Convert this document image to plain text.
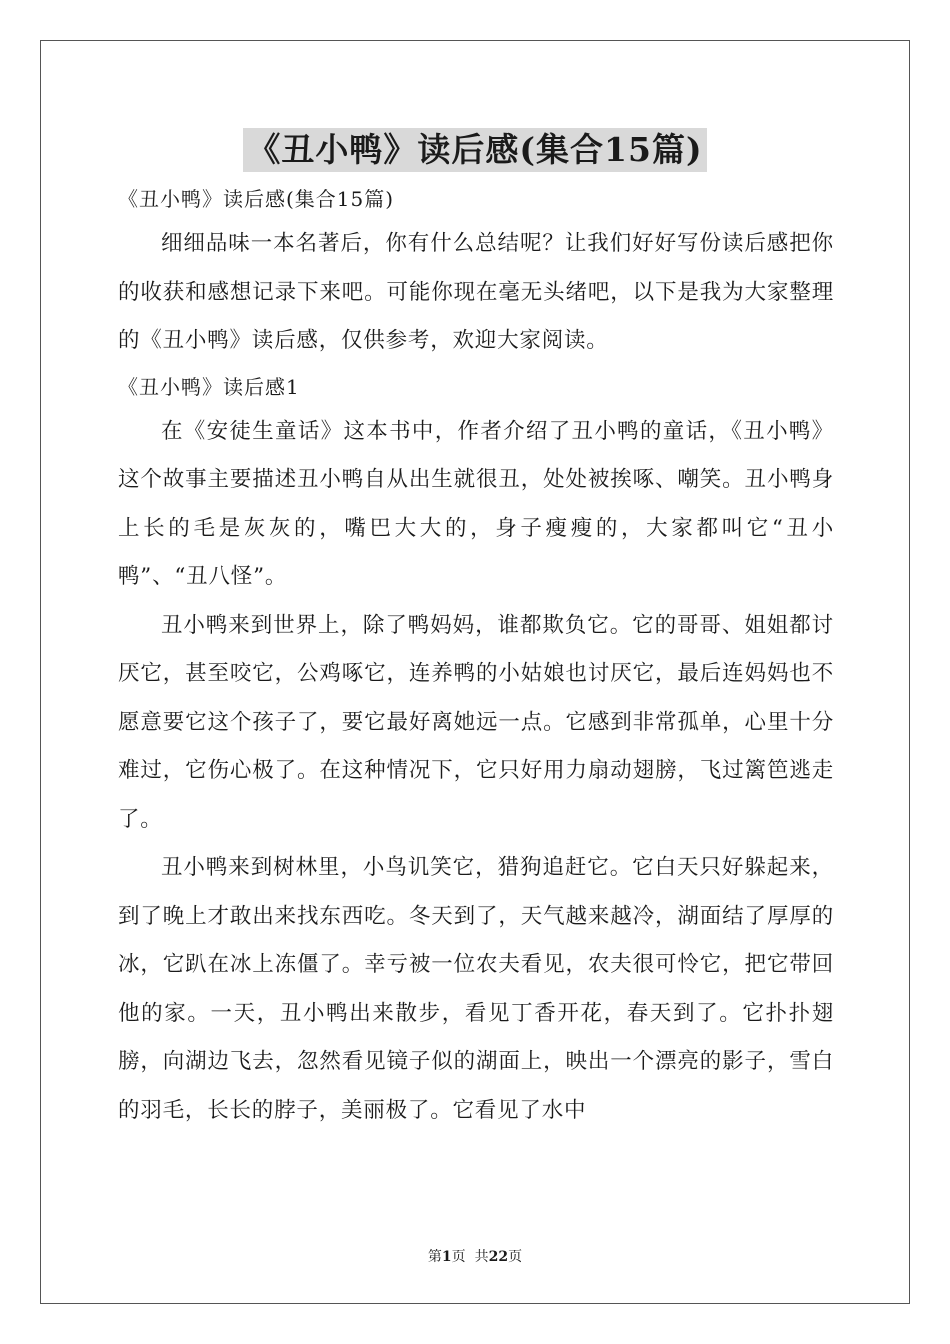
《丑小鸭》读后感(集合15篇)

《丑小鸭》读后感(集合15篇)

细细品味一本名著后，你有什么总结呢？让我们好好写份读后感把你的收获和感想记录下来吧。可能你现在毫无头绪吧，以下是我为大家整理的《丑小鸭》读后感，仅供参考，欢迎大家阅读。

《丑小鸭》读后感1

在《安徒生童话》这本书中，作者介绍了丑小鸭的童话，《丑小鸭》这个故事主要描述丑小鸭自从出生就很丑，处处被挨啄、嘲笑。丑小鸭身上长的毛是灰灰的，嘴巴大大的，身子瘦瘦的，大家都叫它“丑小鸭”、“丑八怪”。

丑小鸭来到世界上，除了鸭妈妈，谁都欺负它。它的哥哥、姐姐都讨厌它，甚至咬它，公鸡啄它，连养鸭的小姑娘也讨厌它，最后连妈妈也不愿意要它这个孩子了，要它最好离她远一点。它感到非常孤单，心里十分难过，它伤心极了。在这种情况下，它只好用力扇动翅膀，飞过篱笆逃走了。

丑小鸭来到树林里，小鸟讥笑它，猎狗追赶它。它白天只好躲起来，到了晚上才敢出来找东西吃。冬天到了，天气越来越冷，湖面结了厚厚的冰，它趴在冰上冻僵了。幸亏被一位农夫看见，农夫很可怜它，把它带回他的家。一天，丑小鸭出来散步，看见丁香开花，春天到了。它扑扑翅膀，向湖边飞去，忽然看见镜子似的湖面上，映出一个漂亮的影子，雪白的羽毛，长长的脖子，美丽极了。它看见了水中

第1页  共22页
